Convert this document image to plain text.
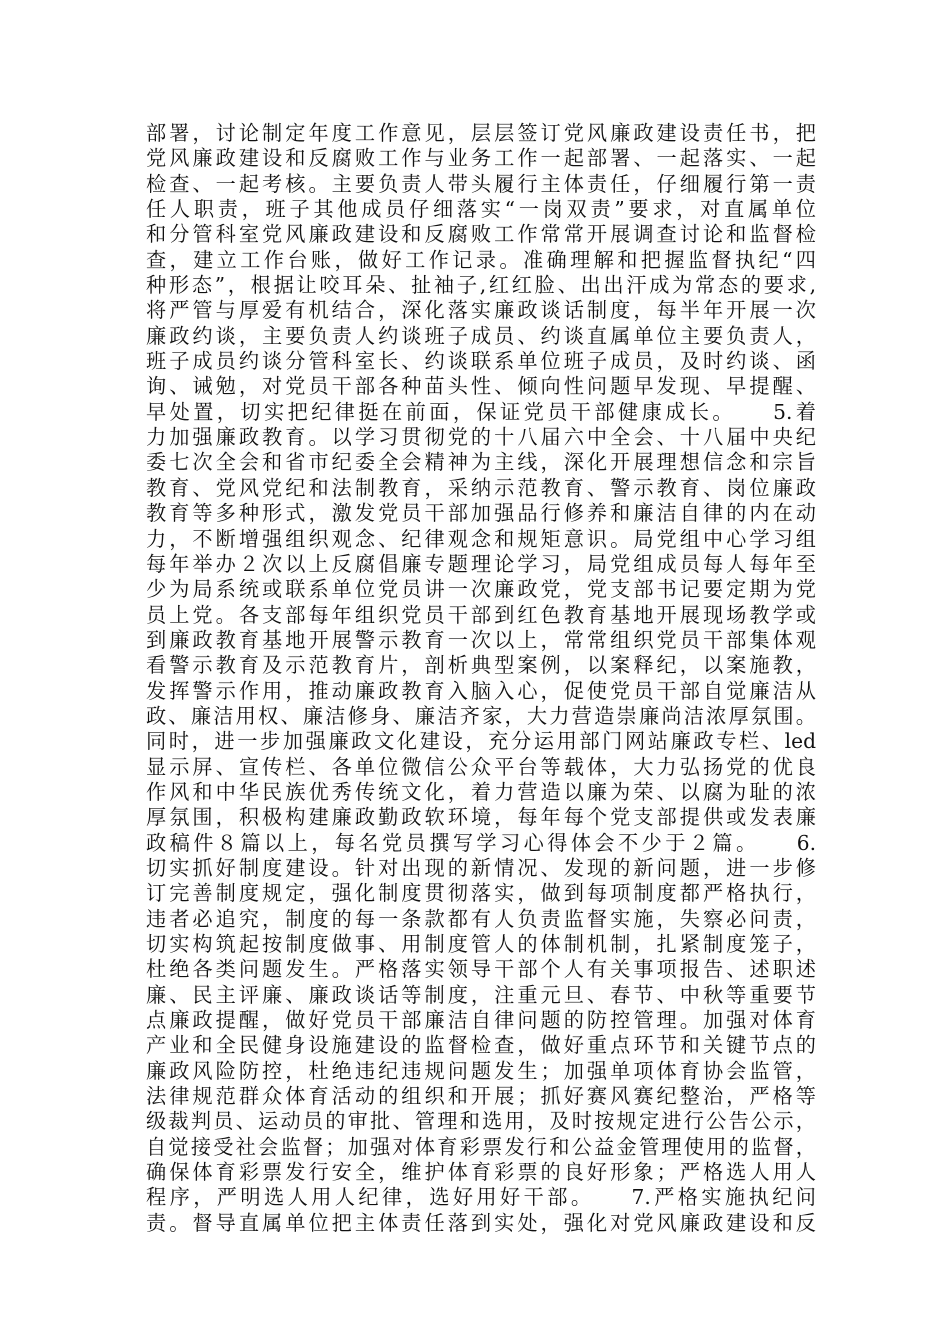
部署，讨论制定年度工作意见，层层签订党风廉政建设责任书，把
党风廉政建设和反腐败工作与业务工作一起部署、一起落实、一起
检查、一起考核。主要负责人带头履行主体责任，仔细履行第一责
任人职责，班子其他成员仔细落实“一岗双责”要求，对直属单位
和分管科室党风廉政建设和反腐败工作常常开展调查讨论和监督检
查，建立工作台账，做好工作记录。准确理解和把握监督执纪“四
种形态”，根据让咬耳朵、扯袖子,红红脸、出出汗成为常态的要求,
将严管与厚爱有机结合，深化落实廉政谈话制度，每半年开展一次
廉政约谈，主要负责人约谈班子成员、约谈直属单位主要负责人，
班子成员约谈分管科室长、约谈联系单位班子成员，及时约谈、函
询、诫勉，对党员干部各种苗头性、倾向性问题早发现、早提醒、
早处置，切实把纪律挺在前面，保证党员干部健康成长。　　5.着
力加强廉政教育。以学习贯彻党的十八届六中全会、十八届中央纪
委七次全会和省市纪委全会精神为主线，深化开展理想信念和宗旨
教育、党风党纪和法制教育，采纳示范教育、警示教育、岗位廉政
教育等多种形式，激发党员干部加强品行修养和廉洁自律的内在动
力，不断增强组织观念、纪律观念和规矩意识。局党组中心学习组
每年举办２次以上反腐倡廉专题理论学习，局党组成员每人每年至
少为局系统或联系单位党员讲一次廉政党，党支部书记要定期为党
员上党。各支部每年组织党员干部到红色教育基地开展现场教学或
到廉政教育基地开展警示教育一次以上，常常组织党员干部集体观
看警示教育及示范教育片，剖析典型案例，以案释纪，以案施教，
发挥警示作用，推动廉政教育入脑入心，促使党员干部自觉廉洁从
政、廉洁用权、廉洁修身、廉洁齐家，大力营造崇廉尚洁浓厚氛围。
同时，进一步加强廉政文化建设，充分运用部门网站廉政专栏、led
显示屏、宣传栏、各单位微信公众平台等载体，大力弘扬党的优良
作风和中华民族优秀传统文化，着力营造以廉为荣、以腐为耻的浓
厚氛围，积极构建廉政勤政软环境，每年每个党支部提供或发表廉
政稿件８篇以上，每名党员撰写学习心得体会不少于２篇。　　6.
切实抓好制度建设。针对出现的新情况、发现的新问题，进一步修
订完善制度规定，强化制度贯彻落实，做到每项制度都严格执行，
违者必追究，制度的每一条款都有人负责监督实施，失察必问责，
切实构筑起按制度做事、用制度管人的体制机制，扎紧制度笼子，
杜绝各类问题发生。严格落实领导干部个人有关事项报告、述职述
廉、民主评廉、廉政谈话等制度，注重元旦、春节、中秋等重要节
点廉政提醒，做好党员干部廉洁自律问题的防控管理。加强对体育
产业和全民健身设施建设的监督检查，做好重点环节和关键节点的
廉政风险防控，杜绝违纪违规问题发生；加强单项体育协会监管，
法律规范群众体育活动的组织和开展；抓好赛风赛纪整治，严格等
级裁判员、运动员的审批、管理和选用，及时按规定进行公告公示，
自觉接受社会监督；加强对体育彩票发行和公益金管理使用的监督，
确保体育彩票发行安全，维护体育彩票的良好形象；严格选人用人
程序，严明选人用人纪律，选好用好干部。　　7.严格实施执纪问
责。督导直属单位把主体责任落到实处，强化对党风廉政建设和反
